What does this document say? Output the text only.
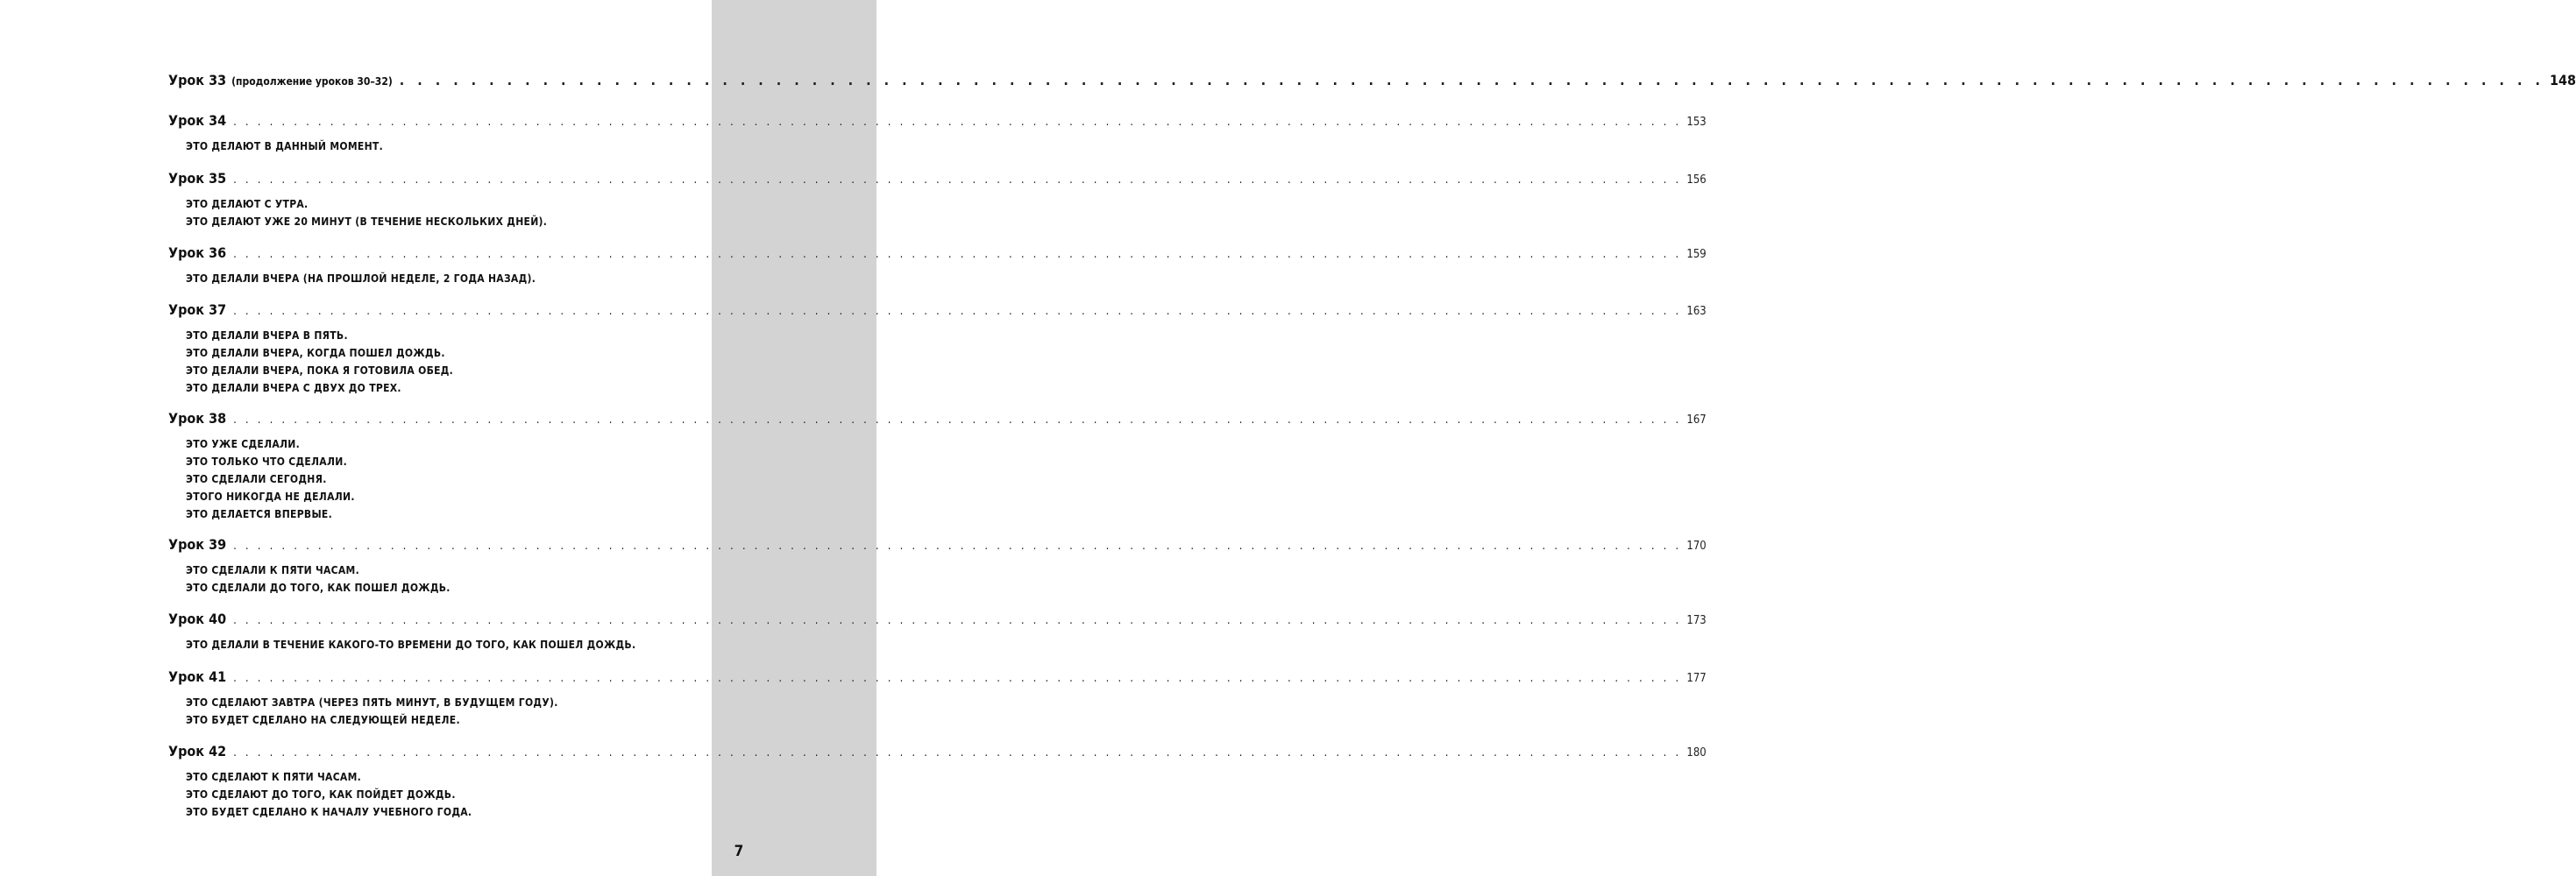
7
Урок 33 (продолжение уроков 30–32) . . . . . . . . . . . . . . . . . . . . . . . . . . . . . . . . . . . . . . . . . . . . . . . . . . . . . . . . . . . . . . . . . . . . . . . . . . . . . . . . . . . . . . . . . . . . . . . . . . . . . . . . . . . . . . . . . . . . . . . . 148
Урок 34 . . . . . . . . . . . . . . . . . . . . . . . . . . . . . . . . . . . . . . . . . . . . . . . . . . . . . . . . . . . . . . . . . . . . . . . . . . . . . . . . . . . . . . . . . . . . . . . . . . . . . . . . . . . . . . . . . . . . . . . . 153
ЭТО ДЕЛАЮТ В ДАННЫЙ МОМЕНТ.
Урок 35 . . . . . . . . . . . . . . . . . . . . . . . . . . . . . . . . . . . . . . . . . . . . . . . . . . . . . . . . . . . . . . . . . . . . . . . . . . . . . . . . . . . . . . . . . . . . . . . . . . . . . . . . . . . . . . . . . . . . . . . . 156
ЭТО ДЕЛАЮТ С УТРА.
ЭТО ДЕЛАЮТ УЖЕ 20 МИНУТ (В ТЕЧЕНИЕ НЕСКОЛЬКИХ ДНЕЙ).
Урок 36 . . . . . . . . . . . . . . . . . . . . . . . . . . . . . . . . . . . . . . . . . . . . . . . . . . . . . . . . . . . . . . . . . . . . . . . . . . . . . . . . . . . . . . . . . . . . . . . . . . . . . . . . . . . . . . . . . . . . . . . . 159
ЭТО ДЕЛАЛИ ВЧЕРА (НА ПРОШЛОЙ НЕДЕЛЕ, 2 ГОДА НАЗАД).
Урок 37 . . . . . . . . . . . . . . . . . . . . . . . . . . . . . . . . . . . . . . . . . . . . . . . . . . . . . . . . . . . . . . . . . . . . . . . . . . . . . . . . . . . . . . . . . . . . . . . . . . . . . . . . . . . . . . . . . . . . . . . . 163
ЭТО ДЕЛАЛИ ВЧЕРА В ПЯТЬ.
ЭТО ДЕЛАЛИ ВЧЕРА, КОГДА ПОШЕЛ ДОЖДЬ.
ЭТО ДЕЛАЛИ ВЧЕРА, ПОКА Я ГОТОВИЛА ОБЕД.
ЭТО ДЕЛАЛИ ВЧЕРА С ДВУХ ДО ТРЕХ.
Урок 38 . . . . . . . . . . . . . . . . . . . . . . . . . . . . . . . . . . . . . . . . . . . . . . . . . . . . . . . . . . . . . . . . . . . . . . . . . . . . . . . . . . . . . . . . . . . . . . . . . . . . . . . . . . . . . . . . . . . . . . . . 167
ЭТО УЖЕ СДЕЛАЛИ.
ЭТО ТОЛЬКО ЧТО СДЕЛАЛИ.
ЭТО СДЕЛАЛИ СЕГОДНЯ.
ЭТОГО НИКОГДА НЕ ДЕЛАЛИ.
ЭТО ДЕЛАЕТСЯ ВПЕРВЫЕ.
Урок 39 . . . . . . . . . . . . . . . . . . . . . . . . . . . . . . . . . . . . . . . . . . . . . . . . . . . . . . . . . . . . . . . . . . . . . . . . . . . . . . . . . . . . . . . . . . . . . . . . . . . . . . . . . . . . . . . . . . . . . . . . 170
ЭТО СДЕЛАЛИ К ПЯТИ ЧАСАМ.
ЭТО СДЕЛАЛИ ДО ТОГО, КАК ПОШЕЛ ДОЖДЬ.
Урок 40 . . . . . . . . . . . . . . . . . . . . . . . . . . . . . . . . . . . . . . . . . . . . . . . . . . . . . . . . . . . . . . . . . . . . . . . . . . . . . . . . . . . . . . . . . . . . . . . . . . . . . . . . . . . . . . . . . . . . . . . . 173
ЭТО ДЕЛАЛИ В ТЕЧЕНИЕ КАКОГО-ТО ВРЕМЕНИ ДО ТОГО, КАК ПОШЕЛ ДОЖДЬ.
Урок 41 . . . . . . . . . . . . . . . . . . . . . . . . . . . . . . . . . . . . . . . . . . . . . . . . . . . . . . . . . . . . . . . . . . . . . . . . . . . . . . . . . . . . . . . . . . . . . . . . . . . . . . . . . . . . . . . . . . . . . . . . 177
ЭТО СДЕЛАЮТ ЗАВТРА (ЧЕРЕЗ ПЯТЬ МИНУТ, В БУДУЩЕМ ГОДУ).
ЭТО БУДЕТ СДЕЛАНО НА СЛЕДУЮЩЕЙ НЕДЕЛЕ.
Урок 42 . . . . . . . . . . . . . . . . . . . . . . . . . . . . . . . . . . . . . . . . . . . . . . . . . . . . . . . . . . . . . . . . . . . . . . . . . . . . . . . . . . . . . . . . . . . . . . . . . . . . . . . . . . . . . . . . . . . . . . . . 180
ЭТО СДЕЛАЮТ К ПЯТИ ЧАСАМ.
ЭТО СДЕЛАЮТ ДО ТОГО, КАК ПОЙДЕТ ДОЖДЬ.
ЭТО БУДЕТ СДЕЛАНО К НАЧАЛУ УЧЕБНОГО ГОДА.
